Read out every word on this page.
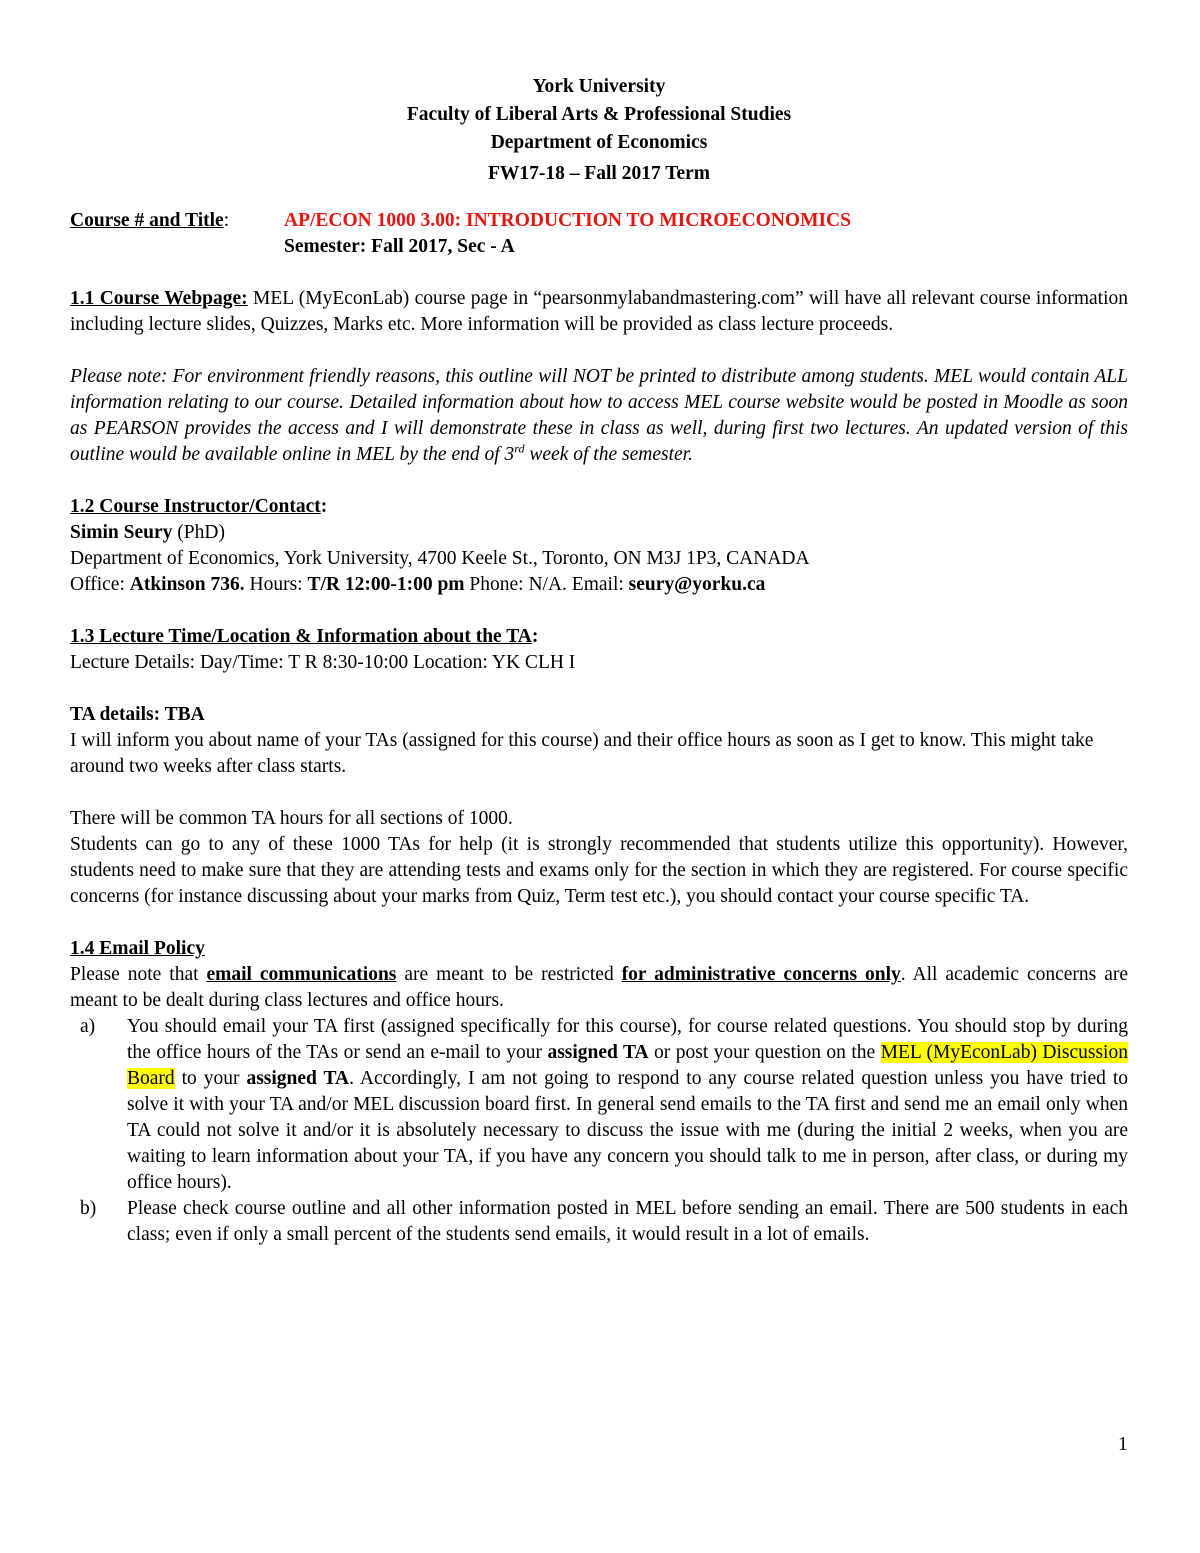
York University
Faculty of Liberal Arts & Professional Studies
Department of Economics
FW17-18 – Fall 2017 Term
Course # and Title:	AP/ECON 1000 3.00: INTRODUCTION TO MICROECONOMICS
Semester: Fall 2017, Sec - A

1.1 Course Webpage: MEL (MyEconLab) course page in “pearsonmylabandmastering.com” will have all relevant course information including lecture slides, Quizzes, Marks etc. More information will be provided as class lecture proceeds.

Please note: For environment friendly reasons, this outline will NOT be printed to distribute among students. MEL would contain ALL information relating to our course. Detailed information about how to access MEL course website would be posted in Moodle as soon as PEARSON provides the access and I will demonstrate these in class as well, during first two lectures. An updated version of this outline would be available online in MEL by the end of 3rd week of the semester.

1.2 Course Instructor/Contact:
Simin Seury (PhD)
Department of Economics, York University, 4700 Keele St., Toronto, ON M3J 1P3, CANADA
Office: Atkinson 736. Hours: T/R 12:00-1:00 pm Phone: N/A. Email: seury@yorku.ca
1.3 Lecture Time/Location & Information about the TA:
Lecture Details: Day/Time: T R 8:30-10:00 Location: YK CLH I
TA details: TBA

I will inform you about name of your TAs (assigned for this course) and their office hours as soon as I get to know. This might take around two weeks after class starts.

There will be common TA hours for all sections of 1000.

Students can go to any of these 1000 TAs for help (it is strongly recommended that students utilize this opportunity). However, students need to make sure that they are attending tests and exams only for the section in which they are registered. For course specific concerns (for instance discussing about your marks from Quiz, Term test etc.), you should contact your course specific TA.

1.4 Email Policy

Please note that email communications are meant to be restricted for administrative concerns only. All academic concerns are meant to be dealt during class lectures and office hours.

a)	You should email your TA first (assigned specifically for this course), for course related questions. You should stop by during the office hours of the TAs or send an e-mail to your assigned TA or post your question on the MEL (MyEconLab) Discussion Board to your assigned TA. Accordingly, I am not going to respond to any course related question unless you have tried to solve it with your TA and/or MEL discussion board first. In general send emails to the TA first and send me an email only when TA could not solve it and/or it is absolutely necessary to discuss the issue with me (during the initial 2 weeks, when you are waiting to learn information about your TA, if you have any concern you should talk to me in person, after class, or during my office hours).
b)	Please check course outline and all other information posted in MEL before sending an email. There are 500 students in each class; even if only a small percent of the students send emails, it would result in a lot of emails.
1
